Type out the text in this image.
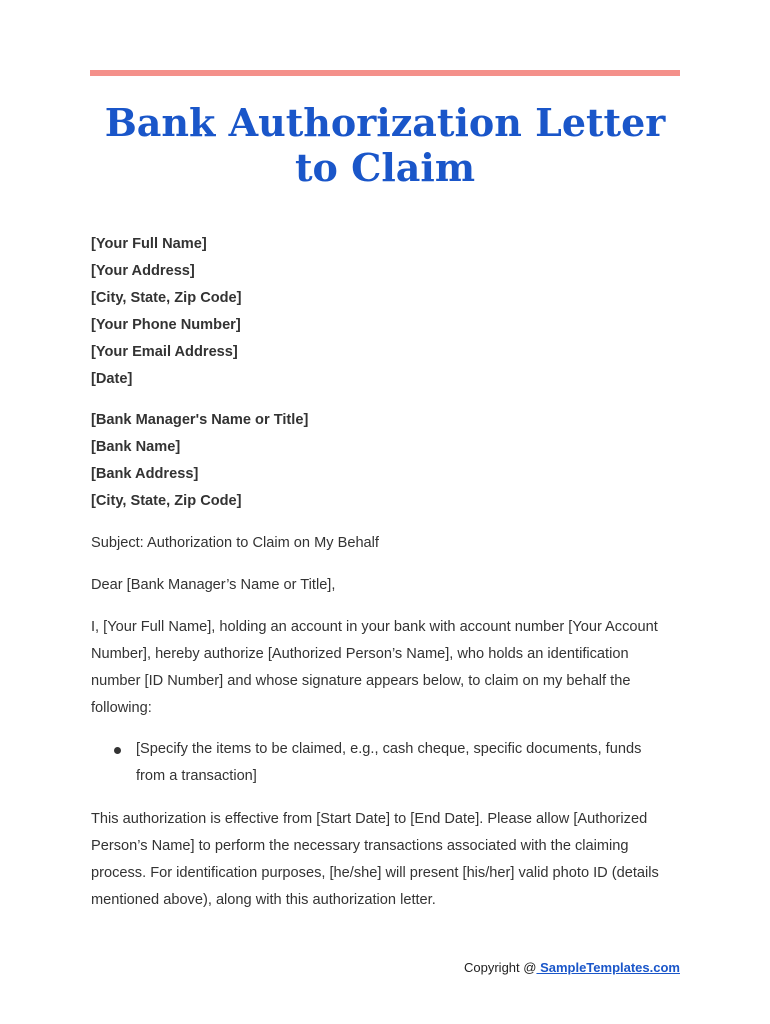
Bank Authorization Letter to Claim
[Your Full Name]
[Your Address]
[City, State, Zip Code]
[Your Phone Number]
[Your Email Address]
[Date]
[Bank Manager's Name or Title]
[Bank Name]
[Bank Address]
[City, State, Zip Code]

Subject: Authorization to Claim on My Behalf

Dear [Bank Manager’s Name or Title],

I, [Your Full Name], holding an account in your bank with account number [Your Account Number], hereby authorize [Authorized Person’s Name], who holds an identification number [ID Number] and whose signature appears below, to claim on my behalf the following:

[Specify the items to be claimed, e.g., cash cheque, specific documents, funds from a transaction]

This authorization is effective from [Start Date] to [End Date]. Please allow [Authorized Person’s Name] to perform the necessary transactions associated with the claiming process. For identification purposes, [he/she] will present [his/her] valid photo ID (details mentioned above), along with this authorization letter.

Copyright @ SampleTemplates.com
